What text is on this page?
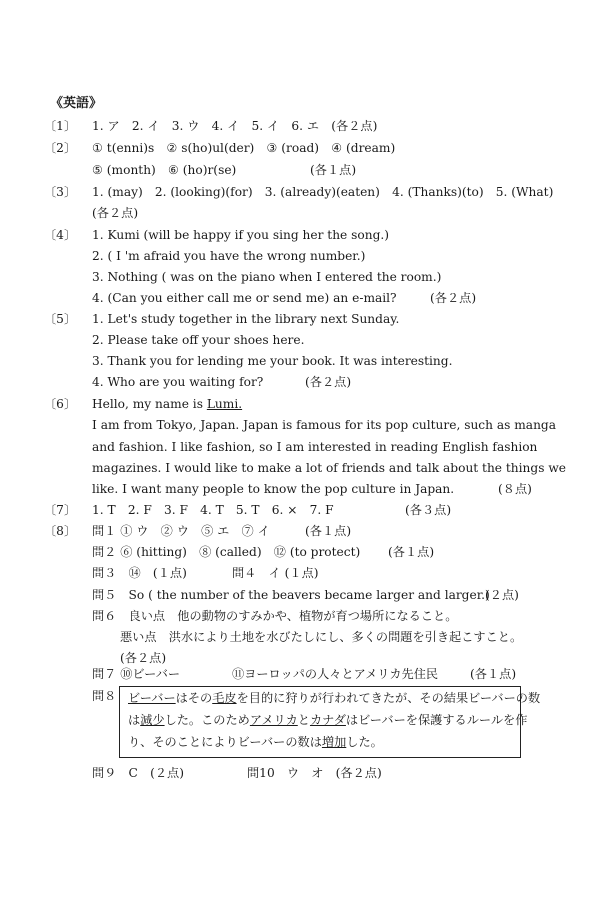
《英語》
〔1〕 1. ア　2. イ　3. ウ　4. イ　5. イ　6. エ　(各２点)
〔2〕 ① t(enni)s　② s(ho)ul(der)　③ (road)　④ (dream)
⑤ (month)　⑥ (ho)r(se)	(各１点)
〔3〕 1. (may)　2. (looking)(for)　3. (already)(eaten)　4. (Thanks)(to)　5. (What)
(各２点)
〔4〕 1. Kumi (will be happy if you sing her the song.)
2. ( I 'm afraid you have the wrong number.)
3. Nothing ( was on the piano when I entered the room.)
4. (Can you either call me or send me) an e-mail?	(各２点)
〔5〕 1. Let's study together in the library next Sunday.
2. Please take off your shoes here.
3. Thank you for lending me your book. It was interesting.
4. Who are you waiting for?	(各２点)
〔6〕 Hello, my name is Lumi.
I am from Tokyo, Japan. Japan is famous for its pop culture, such as manga
and fashion. I like fashion, so I am interested in reading English fashion
magazines. I would like to make a lot of friends and talk about the things we
like. I want many people to know the pop culture in Japan.	(８点)
〔7〕 1. T　2. F　3. F　4. T　5. T　6. ×　7. F	(各３点)
〔8〕 問１ ① ウ　② ウ　⑤ エ　⑦ イ	(各１点)
問２ ⑥ (hitting)　⑧ (called)　⑫ (to protect) (各１点)
問３　⑭　(１点)	問４　イ (１点)
問５　So ( the number of the beavers became larger and larger.)
(２点)
問６　良い点　他の動物のすみかや、植物が育つ場所になること。
悪い点　洪水により土地を水びたしにし、多くの問題を引き起こすこと。
(各２点)
問７ ⑩ビーバー	⑪ヨーロッパの人々とアメリカ先住民	(各１点)
問８ ビーバーはその毛皮を目的に狩りが行われてきたが、その結果ビーバーの数
は減少した。このためアメリカとカナダはビーバーを保護するルールを作
り、そのことによりビーバーの数は増加した。
問９　C　(２点)	問10　ウ　オ　(各２点)
